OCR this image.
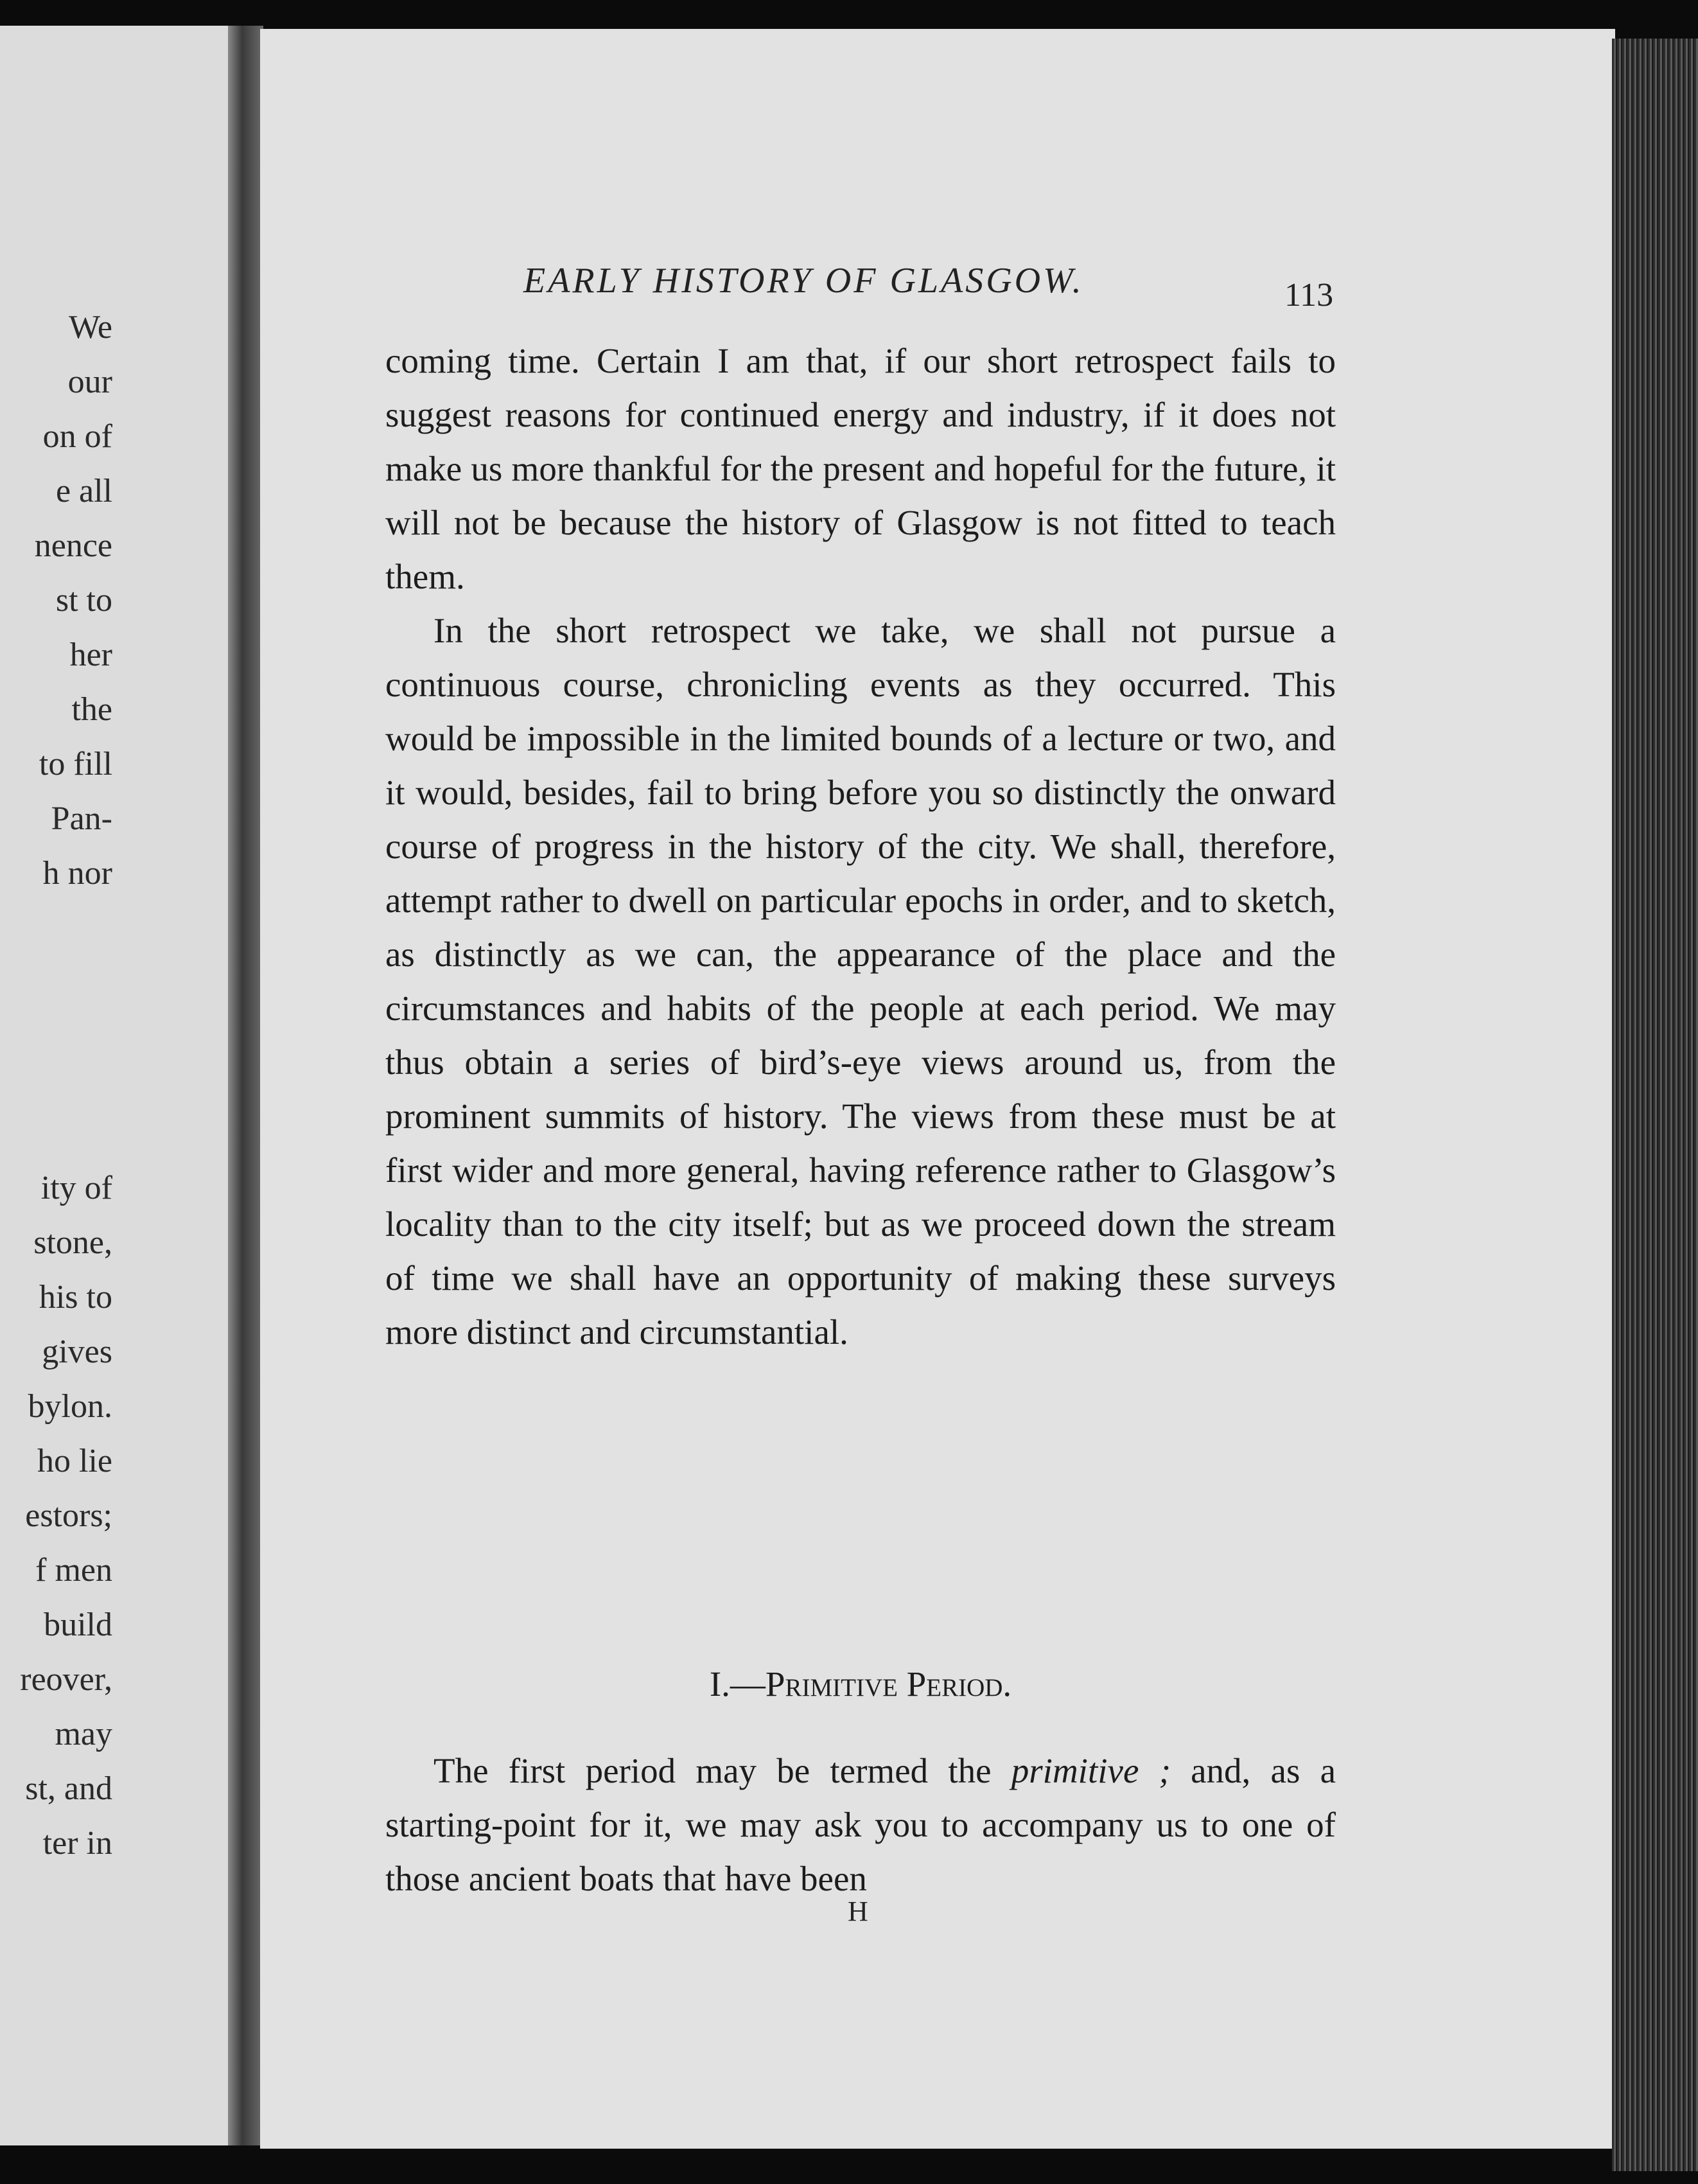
We
our
on of
e all
nence
st to
her
the
to fill
Pan-
h nor
ity of
stone,
his to
gives
bylon.
ho lie
estors;
f men
build
reover,
may
st, and
ter in
EARLY HISTORY OF GLASGOW.	113

coming time. Certain I am that, if our short retrospect fails to suggest reasons for continued energy and industry, if it does not make us more thankful for the present and hopeful for the future, it will not be because the history of Glasgow is not fitted to teach them.

In the short retrospect we take, we shall not pursue a continuous course, chronicling events as they occurred. This would be impossible in the limited bounds of a lecture or two, and it would, besides, fail to bring before you so distinctly the onward course of progress in the history of the city. We shall, therefore, attempt rather to dwell on particular epochs in order, and to sketch, as distinctly as we can, the appearance of the place and the circumstances and habits of the people at each period. We may thus obtain a series of bird’s-eye views around us, from the prominent summits of history. The views from these must be at first wider and more general, having reference rather to Glasgow’s locality than to the city itself; but as we proceed down the stream of time we shall have an opportunity of making these surveys more distinct and circumstantial.

I.—Primitive Period.
The first period may be termed the primitive ; and, as a starting-point for it, we may ask you to accompany us to one of those ancient boats that have been
H
